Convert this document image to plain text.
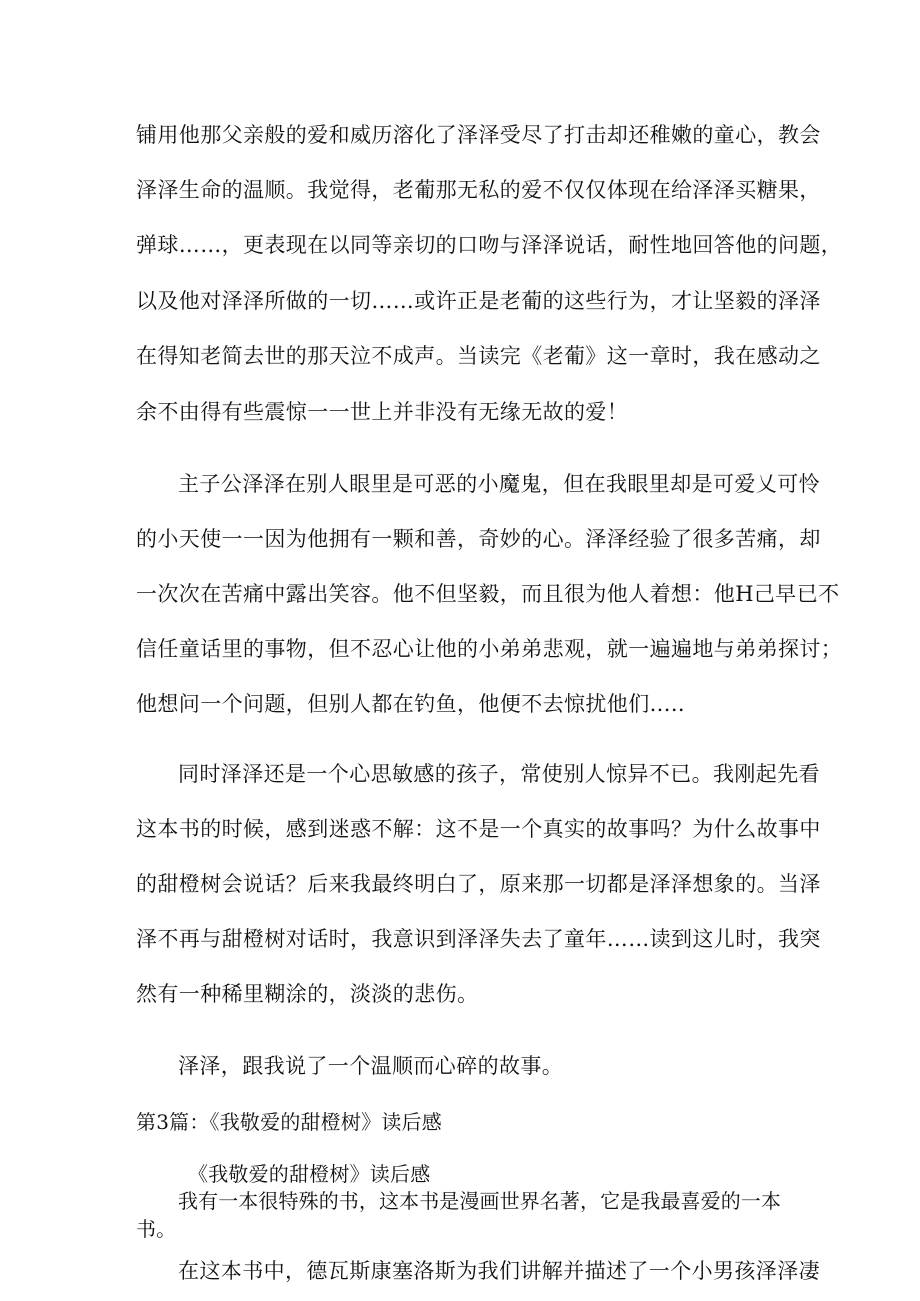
铺用他那父亲般的爱和威历溶化了泽泽受尽了打击却还稚嫩的童心，教会
泽泽生命的温顺。我觉得，老葡那无私的爱不仅仅体现在给泽泽买糖果，
弹球……，更表现在以同等亲切的口吻与泽泽说话，耐性地回答他的问题，
以及他对泽泽所做的一切……或许正是老葡的这些行为，才让坚毅的泽泽
在得知老简去世的那天泣不成声。当读完《老葡》这一章时，我在感动之
余不由得有些震惊一一世上并非没有无缘无故的爱！
主子公泽泽在别人眼里是可恶的小魔鬼，但在我眼里却是可爱乂可怜
的小天使一一因为他拥有一颗和善，奇妙的心。泽泽经验了很多苦痛，却
一次次在苦痛中露出笑容。他不但坚毅，而且很为他人着想：他H己早已不
信任童话里的事物，但不忍心让他的小弟弟悲观，就一遍遍地与弟弟探讨；
他想问一个问题，但别人都在钓鱼，他便不去惊扰他们.....
同时泽泽还是一个心思敏感的孩子，常使别人惊异不已。我刚起先看
这本书的时候，感到迷惑不解：这不是一个真实的故事吗？为什么故事中
的甜橙树会说话？后来我最终明白了，原来那一切都是泽泽想象的。当泽
泽不再与甜橙树对话时，我意识到泽泽失去了童年……读到这儿时，我突
然有一种稀里糊涂的，淡淡的悲伤。
泽泽，跟我说了一个温顺而心碎的故事。
第3篇：《我敬爱的甜橙树》读后感
《我敬爱的甜橙树》读后感
我有一本很特殊的书，这本书是漫画世界名著，它是我最喜爱的一本
书。
在这本书中，德瓦斯康塞洛斯为我们讲解并描述了一个小男孩泽泽凄
